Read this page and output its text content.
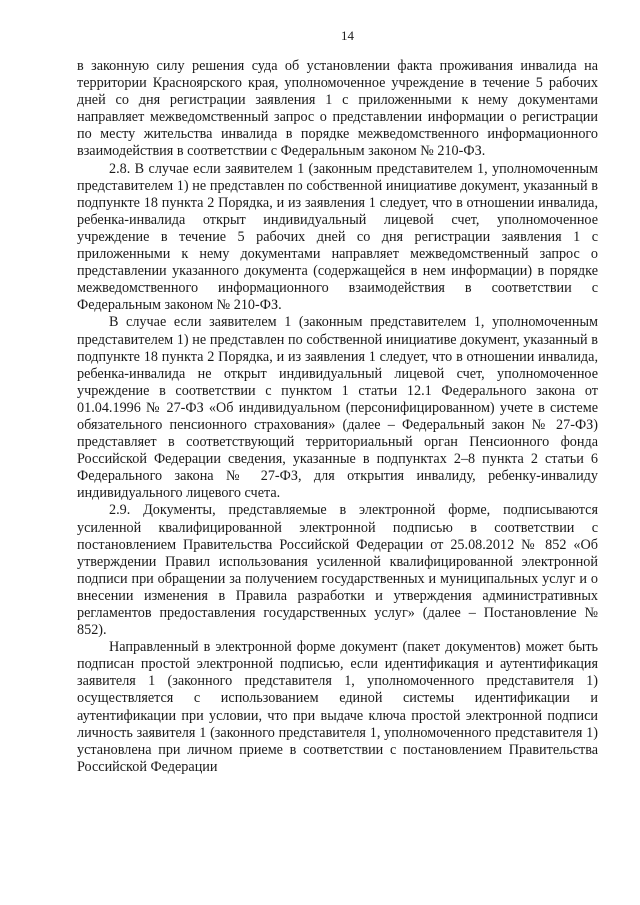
14

в законную силу решения суда об установлении факта проживания инвалида на территории Красноярского края, уполномоченное учреждение в течение 5 рабочих дней со дня регистрации заявления 1 с приложенными к нему документами направляет межведомственный запрос о представлении информации о регистрации по месту жительства инвалида в порядке межведомственного информационного взаимодействия в соответствии с Федеральным законом № 210-ФЗ.

2.8. В случае если заявителем 1 (законным представителем 1, уполномоченным представителем 1) не представлен по собственной инициативе документ, указанный в подпункте 18 пункта 2 Порядка, и из заявления 1 следует, что в отношении инвалида, ребенка-инвалида открыт индивидуальный лицевой счет, уполномоченное учреждение в течение 5 рабочих дней со дня регистрации заявления 1 с приложенными к нему документами направляет межведомственный запрос о представлении указанного документа (содержащейся в нем информации) в порядке межведомственного информационного взаимодействия в соответствии с Федеральным законом № 210-ФЗ.

В случае если заявителем 1 (законным представителем 1, уполномоченным представителем 1) не представлен по собственной инициативе документ, указанный в подпункте 18 пункта 2 Порядка, и из заявления 1 следует, что в отношении инвалида, ребенка-инвалида не открыт индивидуальный лицевой счет, уполномоченное учреждение в соответствии с пунктом 1 статьи 12.1 Федерального закона от 01.04.1996 № 27-ФЗ «Об индивидуальном (персонифицированном) учете в системе обязательного пенсионного страхования» (далее – Федеральный закон № 27-ФЗ) представляет в соответствующий территориальный орган Пенсионного фонда Российской Федерации сведения, указанные в подпунктах 2–8 пункта 2 статьи 6 Федерального закона № 27-ФЗ, для открытия инвалиду, ребенку-инвалиду индивидуального лицевого счета.

2.9. Документы, представляемые в электронной форме, подписываются усиленной квалифицированной электронной подписью в соответствии с постановлением Правительства Российской Федерации от 25.08.2012 № 852 «Об утверждении Правил использования усиленной квалифицированной электронной подписи при обращении за получением государственных и муниципальных услуг и о внесении изменения в Правила разработки и утверждения административных регламентов предоставления государственных услуг» (далее – Постановление № 852).

Направленный в электронной форме документ (пакет документов) может быть подписан простой электронной подписью, если идентификация и аутентификация заявителя 1 (законного представителя 1, уполномоченного представителя 1) осуществляется с использованием единой системы идентификации и аутентификации при условии, что при выдаче ключа простой электронной подписи личность заявителя 1 (законного представителя 1, уполномоченного представителя 1) установлена при личном приеме в соответствии с постановлением Правительства Российской Федерации
